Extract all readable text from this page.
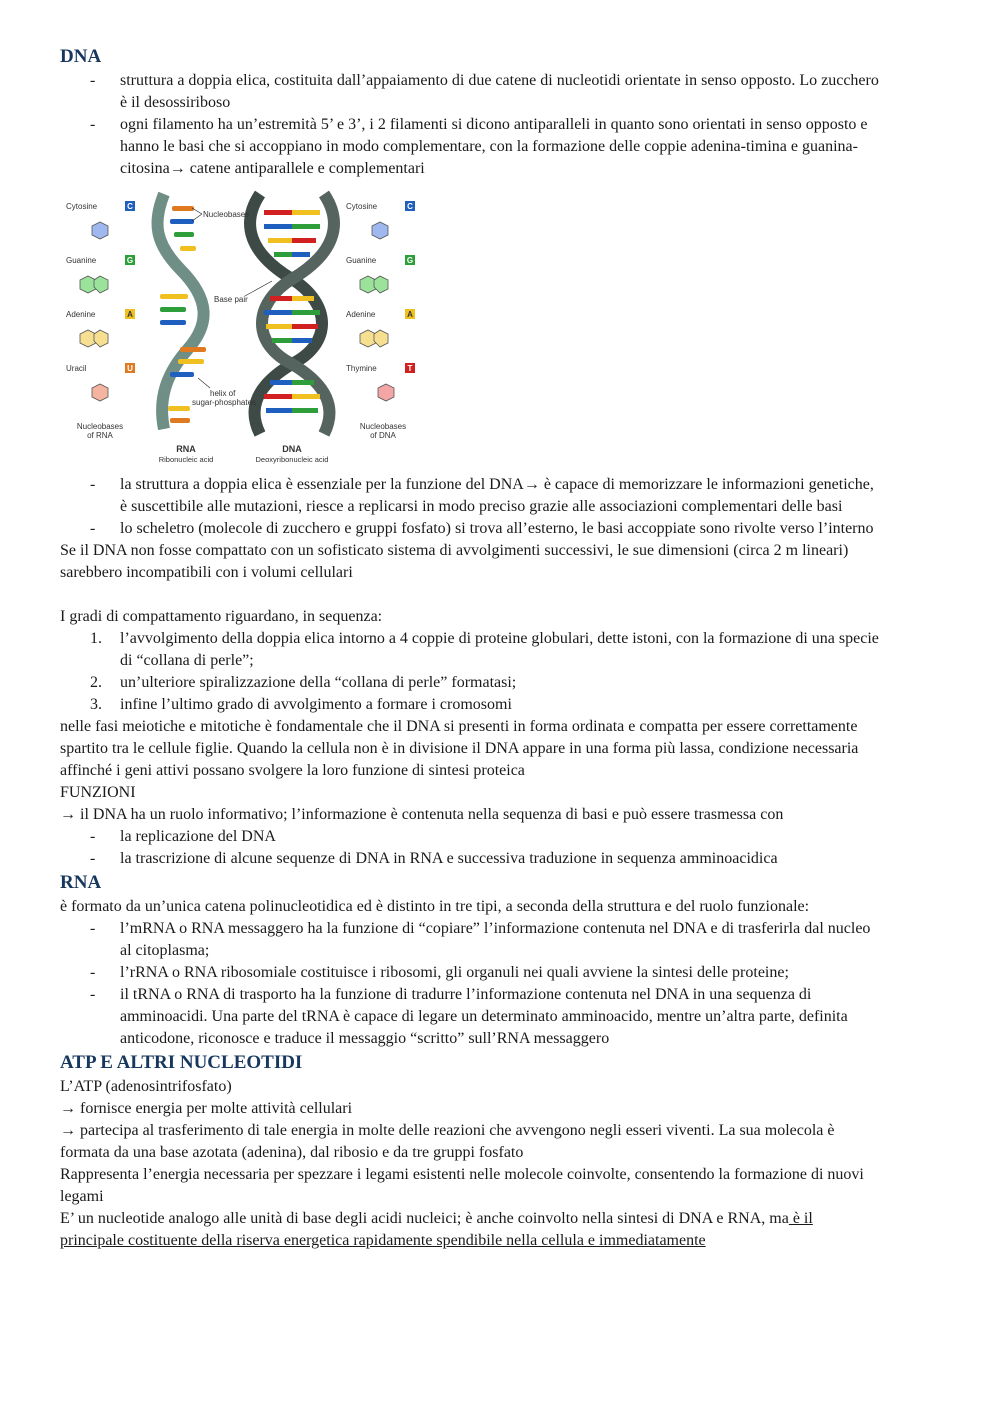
DNA
- struttura a doppia elica, costituita dall’appaiamento di due catene di nucleotidi orientate in senso opposto. Lo zucchero è il desossiriboso
- ogni filamento ha un’estremità 5’ e 3’, i 2 filamenti si dicono antiparalleli in quanto sono orientati in senso opposto e hanno le basi che si accoppiano in modo complementare, con la formazione delle coppie adenina-timina e guanina-citosina→ catene antiparallele e complementari
Cytosine
Guanine
Adenine
Uracil
C
G
A
U
Nucleobases
of RNA
Nucleobases
Base pair
helix of
sugar-phosphates
RNA
Ribonucleic acid
DNA
Deoxyribonucleic acid
Cytosine
Guanine
Adenine
Thymine
C
G
A
T
Nucleobases
of DNA
- la struttura a doppia elica è essenziale per la funzione del DNA→ è capace di memorizzare le informazioni genetiche, è suscettibile alle mutazioni, riesce a replicarsi in modo preciso grazie alle associazioni complementari delle basi
- lo scheletro (molecole di zucchero e gruppi fosfato) si trova all’esterno, le basi accoppiate sono rivolte verso l’interno
Se il DNA non fosse compattato con un sofisticato sistema di avvolgimenti successivi, le sue dimensioni (circa 2 m lineari) sarebbero incompatibili con i volumi cellulari
I gradi di compattamento riguardano, in sequenza:
1. l’avvolgimento della doppia elica intorno a 4 coppie di proteine globulari, dette istoni, con la formazione di una specie di “collana di perle”;
2. un’ulteriore spiralizzazione della “collana di perle” formatasi;
3. infine l’ultimo grado di avvolgimento a formare i cromosomi
nelle fasi meiotiche e mitotiche è fondamentale che il DNA si presenti in forma ordinata e compatta per essere correttamente spartito tra le cellule figlie. Quando la cellula non è in divisione il DNA appare in una forma più lassa, condizione necessaria affinché i geni attivi possano svolgere la loro funzione di sintesi proteica
FUNZIONI
→ il DNA ha un ruolo informativo; l’informazione è contenuta nella sequenza di basi e può essere trasmessa con
- la replicazione del DNA
- la trascrizione di alcune sequenze di DNA in RNA e successiva traduzione in sequenza amminoacidica
RNA
è formato da un’unica catena polinucleotidica ed è distinto in tre tipi, a seconda della struttura e del ruolo funzionale:
- l’mRNA o RNA messaggero ha la funzione di “copiare” l’informazione contenuta nel DNA e di trasferirla dal nucleo al citoplasma;
- l’rRNA o RNA ribosomiale costituisce i ribosomi, gli organuli nei quali avviene la sintesi delle proteine;
- il tRNA o RNA di trasporto ha la funzione di tradurre l’informazione contenuta nel DNA in una sequenza di amminoacidi. Una parte del tRNA è capace di legare un determinato amminoacido, mentre un’altra parte, definita anticodone, riconosce e traduce il messaggio “scritto” sull’RNA messaggero
ATP E ALTRI NUCLEOTIDI
L’ATP (adenosintrifosfato)
→ fornisce energia per molte attività cellulari
→ partecipa al trasferimento di tale energia in molte delle reazioni che avvengono negli esseri viventi. La sua molecola è formata da una base azotata (adenina), dal ribosio e da tre gruppi fosfato
Rappresenta l’energia necessaria per spezzare i legami esistenti nelle molecole coinvolte, consentendo la formazione di nuovi legami
E’ un nucleotide analogo alle unità di base degli acidi nucleici; è anche coinvolto nella sintesi di DNA e RNA, ma è il principale costituente della riserva energetica rapidamente spendibile nella cellula e immediatamente
